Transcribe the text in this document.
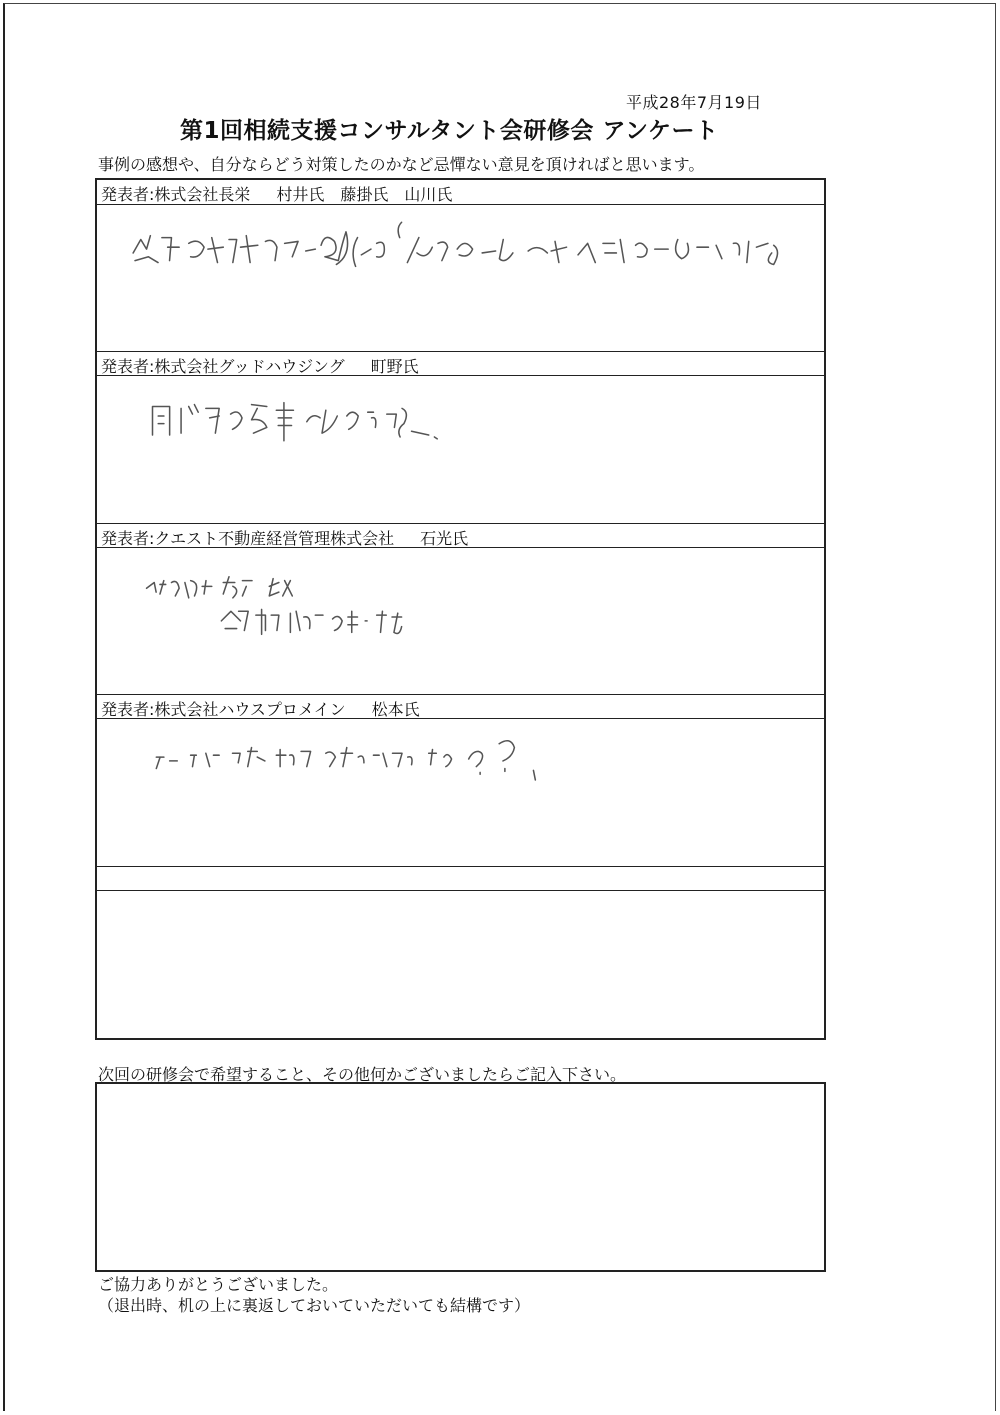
平成28年7月19日
第1回相続支援コンサルタント会研修会 アンケート
事例の感想や、自分ならどう対策したのかなど忌憚ない意見を頂ければと思います。
発表者:株式会社長栄 村井氏　藤掛氏　山川氏
発表者:株式会社グッドハウジング 町野氏
発表者:クエスト不動産経営管理株式会社 石光氏
発表者:株式会社ハウスプロメイン 松本氏
次回の研修会で希望すること、その他何かございましたらご記入下さい。
ご協力ありがとうございました。
（退出時、机の上に裏返しておいていただいても結構です）
